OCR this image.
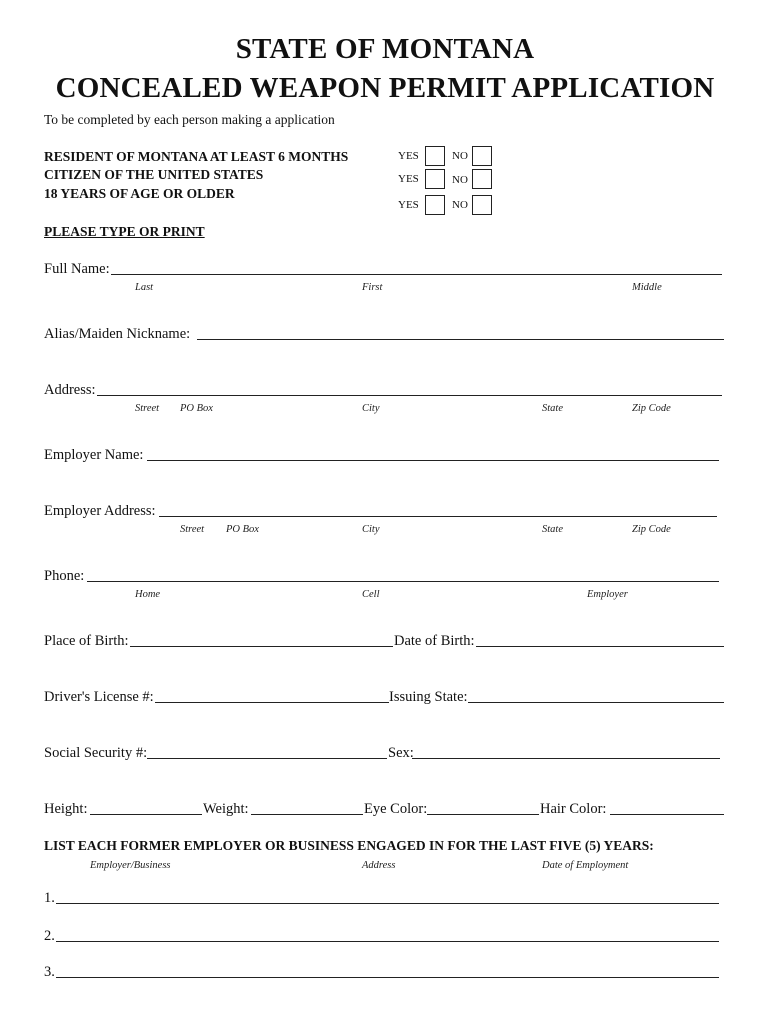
STATE OF MONTANA
CONCEALED WEAPON PERMIT APPLICATION
To be completed by each person making a application
RESIDENT OF MONTANA AT LEAST 6 MONTHS
CITIZEN OF THE UNITED STATES
18 YEARS OF AGE OR OLDER
YES	NO
YES	NO
YES	NO
PLEASE TYPE OR PRINT
Full Name:
Last	First	Middle
Alias/Maiden Nickname:
Address:
Street PO Box	City	State	Zip Code
Employer Name:
Employer Address:
Street PO Box	City	State	Zip Code
Phone:
Home	Cell	Employer
Place of Birth:	Date of Birth:
Driver's License #:	Issuing State:
Social Security #:	Sex:
Height:	Weight:	Eye Color:	Hair Color:
LIST EACH FORMER EMPLOYER OR BUSINESS ENGAGED IN FOR THE LAST FIVE (5) YEARS:
Employer/Business	Address	Date of Employment
1.
2.
3.
